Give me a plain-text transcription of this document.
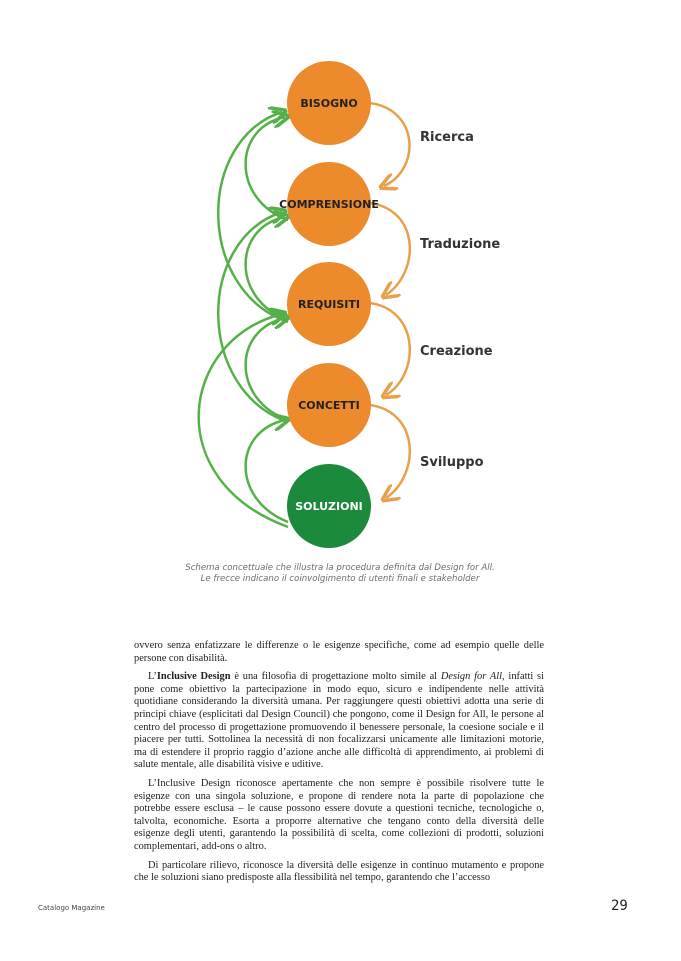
BISOGNO
COMPRENSIONE
REQUISITI
CONCETTI
SOLUZIONI
Ricerca
Traduzione
Creazione
Sviluppo
Schema concettuale che illustra la procedura definita dal Design for All.
Le frecce indicano il coinvolgimento di utenti finali e stakeholder

ovvero senza enfatizzare le differenze o le esigenze specifiche, come ad esempio quelle delle persone con disabilità.

L’Inclusive Design è una filosofia di progettazione molto simile al Design for All, infatti si pone come obiettivo la partecipazione in modo equo, sicuro e indipendente nelle attività quotidiane considerando la diversità umana. Per raggiungere questi obiettivi adotta una serie di principi chiave (esplicitati dal Design Council) che pongono, come il Design for All, le persone al centro del processo di progettazione promuovendo il benessere personale, la coesione sociale e il piacere per tutti. Sottolinea la necessità di non focalizzarsi unicamente alle limitazioni motorie, ma di estendere il proprio raggio d’azione anche alle difficoltà di apprendimento, ai problemi di salute mentale, alle disabilità visive e uditive.

L’Inclusive Design riconosce apertamente che non sempre è possibile risolvere tutte le esigenze con una singola soluzione, e propone di rendere nota la parte di popolazione che potrebbe essere esclusa – le cause possono essere dovute a questioni tecniche, tecnologiche o, talvolta, economiche. Esorta a proporre alternative che tengano conto della diversità delle esigenze degli utenti, garantendo la possibilità di scelta, come collezioni di prodotti, soluzioni complementari, add-ons o altro.

Di particolare rilievo, riconosce la diversità delle esigenze in continuo mutamento e propone che le soluzioni siano predisposte alla flessibilità nel tempo, garantendo che l’accesso

Catalogo Magazine	29
